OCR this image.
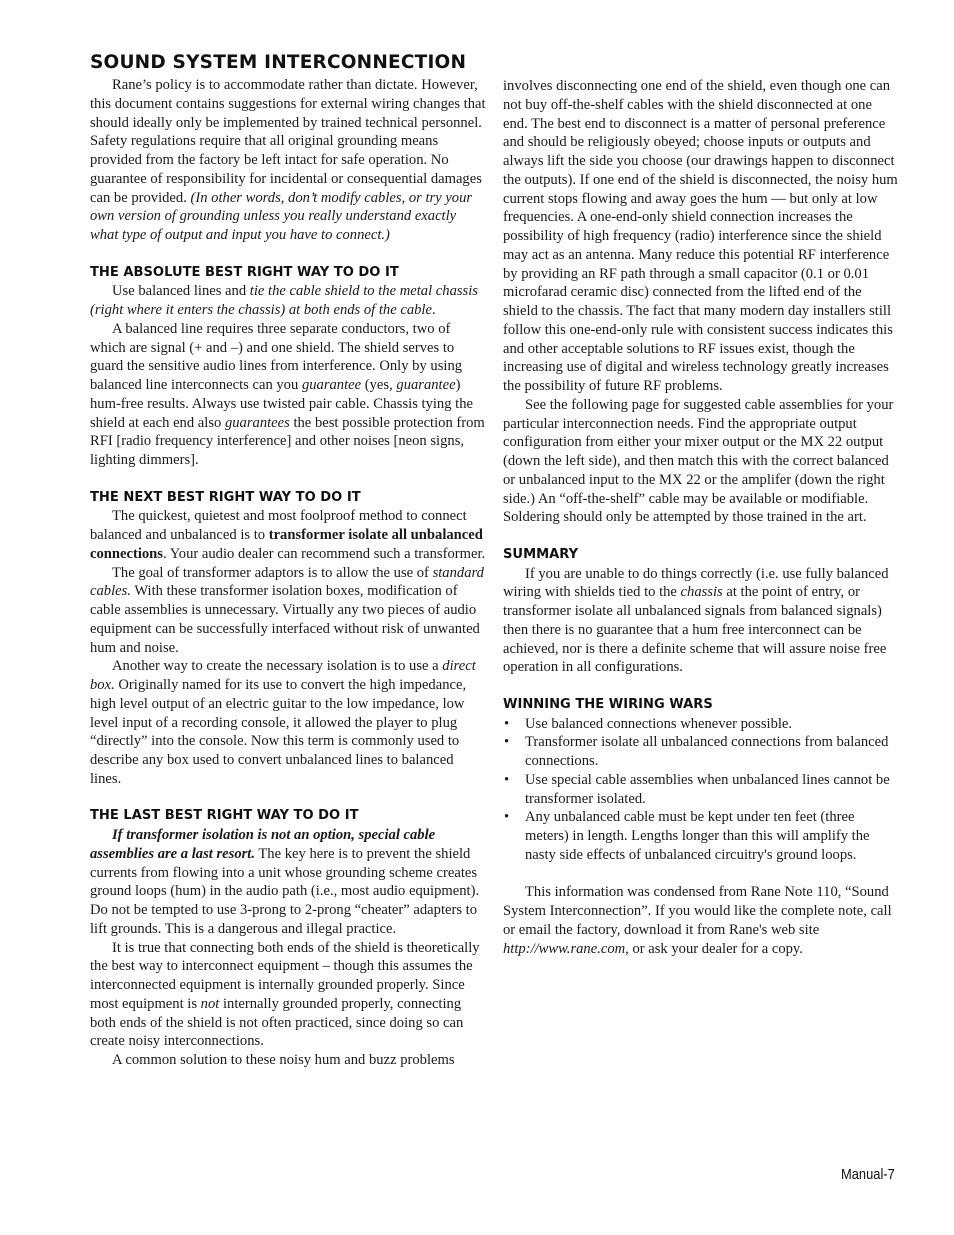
SOUND SYSTEM INTERCONNECTION

Rane’s policy is to accommodate rather than dictate. However, this document contains suggestions for external wiring changes that should ideally only be implemented by trained technical personnel. Safety regulations require that all original grounding means provided from the factory be left intact for safe operation. No guarantee of responsibility for incidental or consequential damages can be provided. (In other words, don’t modify cables, or try your own version of grounding unless you really understand exactly what type of output and input you have to connect.)

THE ABSOLUTE BEST RIGHT WAY TO DO IT

Use balanced lines and tie the cable shield to the metal chassis (right where it enters the chassis) at both ends of the cable.

A balanced line requires three separate conductors, two of which are signal (+ and –) and one shield. The shield serves to guard the sensitive audio lines from interference. Only by using balanced line interconnects can you guarantee (yes, guarantee) hum-free results. Always use twisted pair cable. Chassis tying the shield at each end also guarantees the best possible protection from RFI [radio frequency interference] and other noises [neon signs, lighting dimmers].

THE NEXT BEST RIGHT WAY TO DO IT

The quickest, quietest and most foolproof method to connect balanced and unbalanced is to transformer isolate all unbalanced connections. Your audio dealer can recommend such a transformer.

The goal of transformer adaptors is to allow the use of standard cables. With these transformer isolation boxes, modification of cable assemblies is unnecessary. Virtually any two pieces of audio equipment can be successfully interfaced without risk of unwanted hum and noise.

Another way to create the necessary isolation is to use a direct box. Originally named for its use to convert the high impedance, high level output of an electric guitar to the low impedance, low level input of a recording console, it allowed the player to plug “directly” into the console. Now this term is commonly used to describe any box used to convert unbalanced lines to balanced lines.

THE LAST BEST RIGHT WAY TO DO IT

If transformer isolation is not an option, special cable assemblies are a last resort. The key here is to prevent the shield currents from flowing into a unit whose grounding scheme creates ground loops (hum) in the audio path (i.e., most audio equipment). Do not be tempted to use 3-prong to 2-prong “cheater” adapters to lift grounds. This is a dangerous and illegal practice.

It is true that connecting both ends of the shield is theoretically the best way to interconnect equipment – though this assumes the interconnected equipment is internally grounded properly. Since most equipment is not internally grounded properly, connecting both ends of the shield is not often practiced, since doing so can create noisy interconnections.

A common solution to these noisy hum and buzz problems

involves disconnecting one end of the shield, even though one can not buy off-the-shelf cables with the shield disconnected at one end. The best end to disconnect is a matter of personal preference and should be religiously obeyed; choose inputs or outputs and always lift the side you choose (our drawings happen to disconnect the outputs). If one end of the shield is disconnected, the noisy hum current stops flowing and away goes the hum — but only at low frequencies. A one-end-only shield connection increases the possibility of high frequency (radio) interference since the shield may act as an antenna. Many reduce this potential RF interference by providing an RF path through a small capacitor (0.1 or 0.01 microfarad ceramic disc) connected from the lifted end of the shield to the chassis. The fact that many modern day installers still follow this one-end-only rule with consistent success indicates this and other acceptable solutions to RF issues exist, though the increasing use of digital and wireless technology greatly increases the possibility of future RF problems.

See the following page for suggested cable assemblies for your particular interconnection needs. Find the appropriate output configuration from either your mixer output or the MX 22 output (down the left side), and then match this with the correct balanced or unbalanced input to the MX 22 or the amplifer (down the right side.) An “off-the-shelf” cable may be available or modifiable. Soldering should only be attempted by those trained in the art.

SUMMARY

If you are unable to do things correctly (i.e. use fully balanced wiring with shields tied to the chassis at the point of entry, or transformer isolate all unbalanced signals from balanced signals) then there is no guarantee that a hum free interconnect can be achieved, nor is there a definite scheme that will assure noise free operation in all configurations.

WINNING THE WIRING WARS
• Use balanced connections whenever possible.
• Transformer isolate all unbalanced connections from balanced connections.
• Use special cable assemblies when unbalanced lines cannot be transformer isolated.
• Any unbalanced cable must be kept under ten feet (three meters) in length. Lengths longer than this will amplify the nasty side effects of unbalanced circuitry's ground loops.

This information was condensed from Rane Note 110, “Sound System Interconnection”. If you would like the complete note, call or email the factory, download it from Rane's web site http://www.rane.com, or ask your dealer for a copy.

Manual-7
